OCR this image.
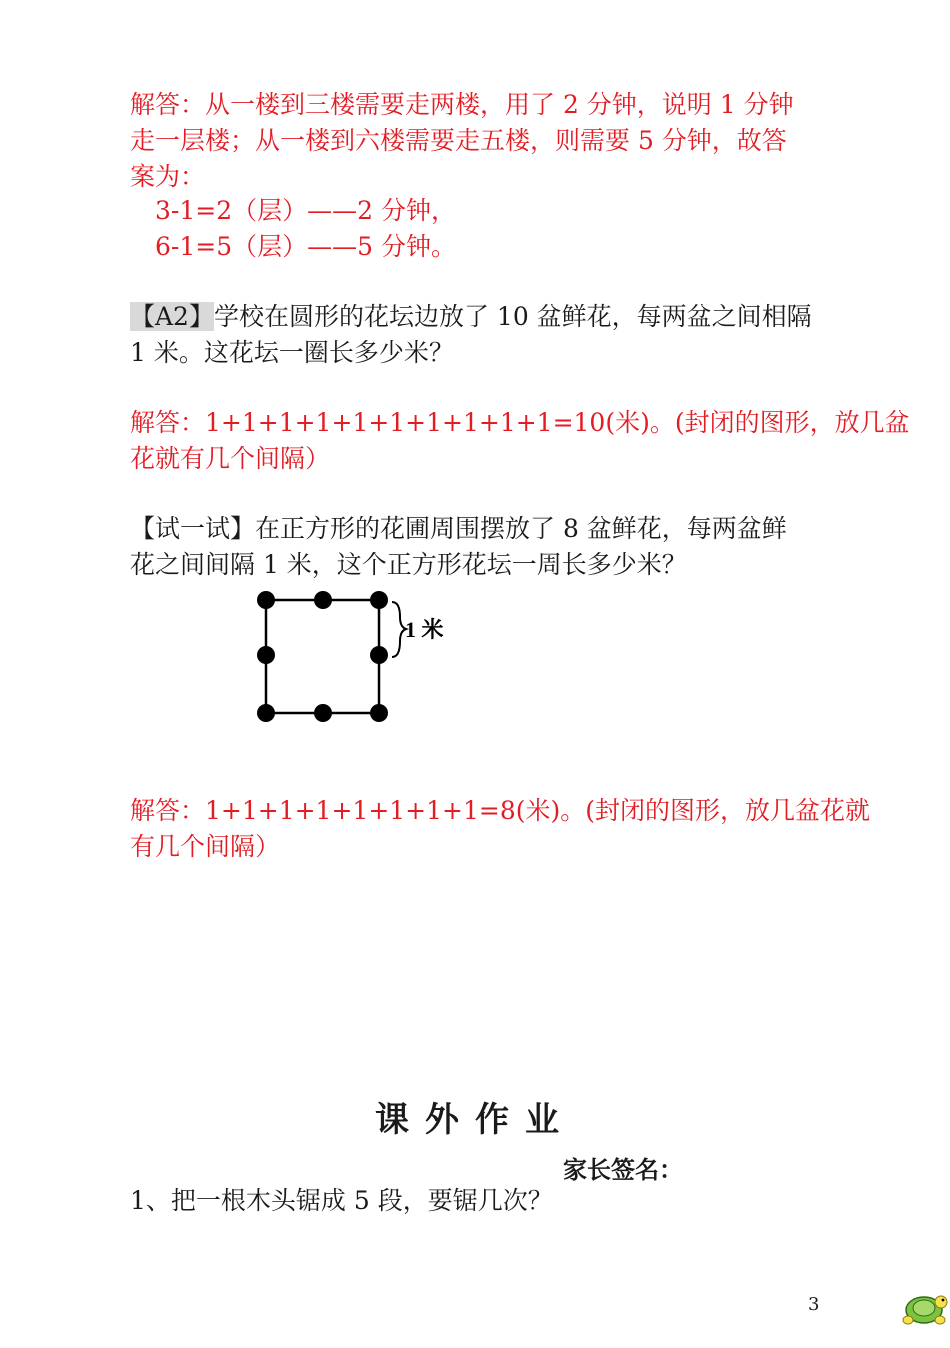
解答：从一楼到三楼需要走两楼，用了 2 分钟，说明 1 分钟
走一层楼；从一楼到六楼需要走五楼，则需要 5 分钟，故答
案为：
3-1=2（层）——2 分钟，
6-1=5（层）——5 分钟。
【A2】学校在圆形的花坛边放了 10 盆鲜花，每两盆之间相隔
1 米。这花坛一圈长多少米？
解答：1+1+1+1+1+1+1+1+1+1=10(米)。(封闭的图形，放几盆
花就有几个间隔）
【试一试】在正方形的花圃周围摆放了 8 盆鲜花，每两盆鲜
花之间间隔 1 米，这个正方形花坛一周长多少米？
1 米
解答：1+1+1+1+1+1+1+1=8(米)。(封闭的图形，放几盆花就
有几个间隔）
课外作业
家长签名：
1、把一根木头锯成 5 段，要锯几次？
3
